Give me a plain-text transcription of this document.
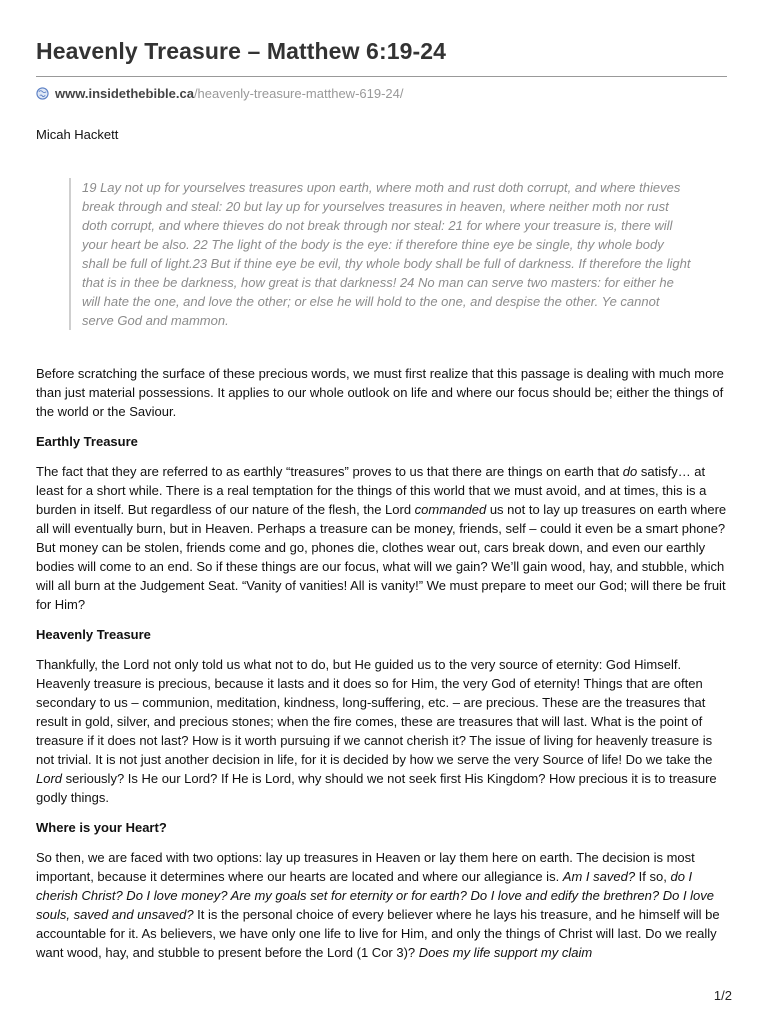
Heavenly Treasure – Matthew 6:19-24
www.insidethebible.ca /heavenly-treasure-matthew-619-24/
Micah Hackett
19 Lay not up for yourselves treasures upon earth, where moth and rust doth corrupt, and where thieves break through and steal: 20 but lay up for yourselves treasures in heaven, where neither moth nor rust doth corrupt, and where thieves do not break through nor steal: 21 for where your treasure is, there will your heart be also. 22 The light of the body is the eye: if therefore thine eye be single, thy whole body shall be full of light.23 But if thine eye be evil, thy whole body shall be full of darkness. If therefore the light that is in thee be darkness, how great is that darkness! 24 No man can serve two masters: for either he will hate the one, and love the other; or else he will hold to the one, and despise the other. Ye cannot serve God and mammon.

Before scratching the surface of these precious words, we must first realize that this passage is dealing with much more than just material possessions. It applies to our whole outlook on life and where our focus should be; either the things of the world or the Saviour.

Earthly Treasure

The fact that they are referred to as earthly “treasures” proves to us that there are things on earth that do satisfy… at least for a short while. There is a real temptation for the things of this world that we must avoid, and at times, this is a burden in itself. But regardless of our nature of the flesh, the Lord commanded us not to lay up treasures on earth where all will eventually burn, but in Heaven. Perhaps a treasure can be money, friends, self – could it even be a smart phone? But money can be stolen, friends come and go, phones die, clothes wear out, cars break down, and even our earthly bodies will come to an end. So if these things are our focus, what will we gain? We’ll gain wood, hay, and stubble, which will all burn at the Judgement Seat. “Vanity of vanities! All is vanity!” We must prepare to meet our God; will there be fruit for Him?

Heavenly Treasure

Thankfully, the Lord not only told us what not to do, but He guided us to the very source of eternity: God Himself. Heavenly treasure is precious, because it lasts and it does so for Him, the very God of eternity! Things that are often secondary to us – communion, meditation, kindness, long-suffering, etc. – are precious. These are the treasures that result in gold, silver, and precious stones; when the fire comes, these are treasures that will last. What is the point of treasure if it does not last? How is it worth pursuing if we cannot cherish it? The issue of living for heavenly treasure is not trivial. It is not just another decision in life, for it is decided by how we serve the very Source of life! Do we take the Lord seriously? Is He our Lord? If He is Lord, why should we not seek first His Kingdom? How precious it is to treasure godly things.

Where is your Heart?

So then, we are faced with two options: lay up treasures in Heaven or lay them here on earth. The decision is most important, because it determines where our hearts are located and where our allegiance is. Am I saved? If so, do I cherish Christ? Do I love money? Are my goals set for eternity or for earth? Do I love and edify the brethren? Do I love souls, saved and unsaved? It is the personal choice of every believer where he lays his treasure, and he himself will be accountable for it. As believers, we have only one life to live for Him, and only the things of Christ will last. Do we really want wood, hay, and stubble to present before the Lord (1 Cor 3)? Does my life support my claim

1/2
